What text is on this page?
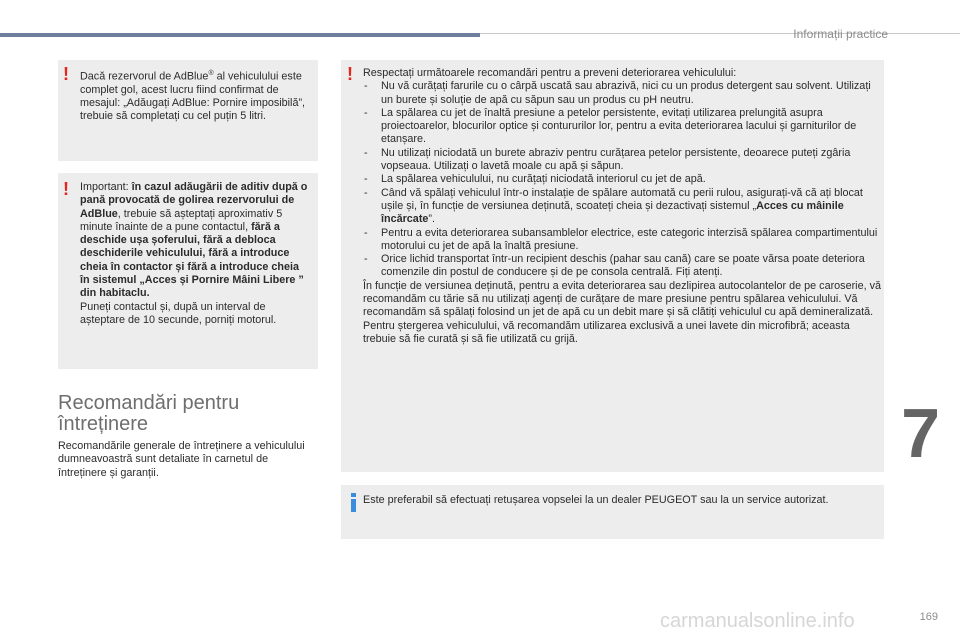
Informații practice
7
! Dacă rezervorul de AdBlue® al vehiculului este complet gol, acest lucru fiind confirmat de mesajul: „Adăugați AdBlue: Pornire imposibilă”, trebuie să completați cu cel puțin 5 litri.

! Important: în cazul adăugării de aditiv după o pană provocată de golirea rezervorului de AdBlue, trebuie să așteptați aproximativ 5 minute înainte de a pune contactul, fără a deschide ușa șoferului, fără a debloca deschiderile vehiculului, fără a introduce cheia în contactor și fără a introduce cheia în sistemul „Acces și Pornire Mâini Libere ” din habitaclu.

Puneți contactul și, după un interval de așteptare de 10 secunde, porniți motorul.

Recomandări pentru
întreținere
Recomandările generale de întreținere a vehiculului dumneavoastră sunt detaliate în carnetul de întreținere și garanții.
! Respectați următoarele recomandări pentru a preveni deteriorarea vehiculului:

- Nu vă curățați farurile cu o cârpă uscată sau abrazivă, nici cu un produs detergent sau solvent. Utilizați un burete și soluție de apă cu săpun sau un produs cu pH neutru.
- La spălarea cu jet de înaltă presiune a petelor persistente, evitați utilizarea prelungită asupra proiectoarelor, blocurilor optice și contururilor lor, pentru a evita deteriorarea lacului și garniturilor de etanșare.
- Nu utilizați niciodată un burete abraziv pentru curățarea petelor persistente, deoarece puteți zgâria vopseaua. Utilizați o lavetă moale cu apă și săpun.
- La spălarea vehiculului, nu curățați niciodată interiorul cu jet de apă.
- Când vă spălați vehiculul într-o instalație de spălare automată cu perii rulou, asigurați-vă că ați blocat ușile și, în funcție de versiunea deținută, scoateți cheia și dezactivați sistemul „Acces cu mâinile încărcate”.
- Pentru a evita deteriorarea subansamblelor electrice, este categoric interzisă spălarea compartimentului motorului cu jet de apă la înaltă presiune.
- Orice lichid transportat într-un recipient deschis (pahar sau cană) care se poate vărsa poate deteriora comenzile din postul de conducere și de pe consola centrală. Fiți atenți.

În funcție de versiunea deținută, pentru a evita deteriorarea sau dezlipirea autocolantelor de pe caroserie, vă recomandăm cu tărie să nu utilizați agenți de curățare de mare presiune pentru spălarea vehiculului. Vă recomandăm să spălați folosind un jet de apă cu un debit mare și să clătiți vehiculul cu apă demineralizată.

Pentru ștergerea vehiculului, vă recomandăm utilizarea exclusivă a unei lavete din microfibră; aceasta trebuie să fie curată și să fie utilizată cu grijă.

Este preferabil să efectuați retușarea vopselei la un dealer PEUGEOT sau la un service autorizat.
carmanualsonline.info	169
